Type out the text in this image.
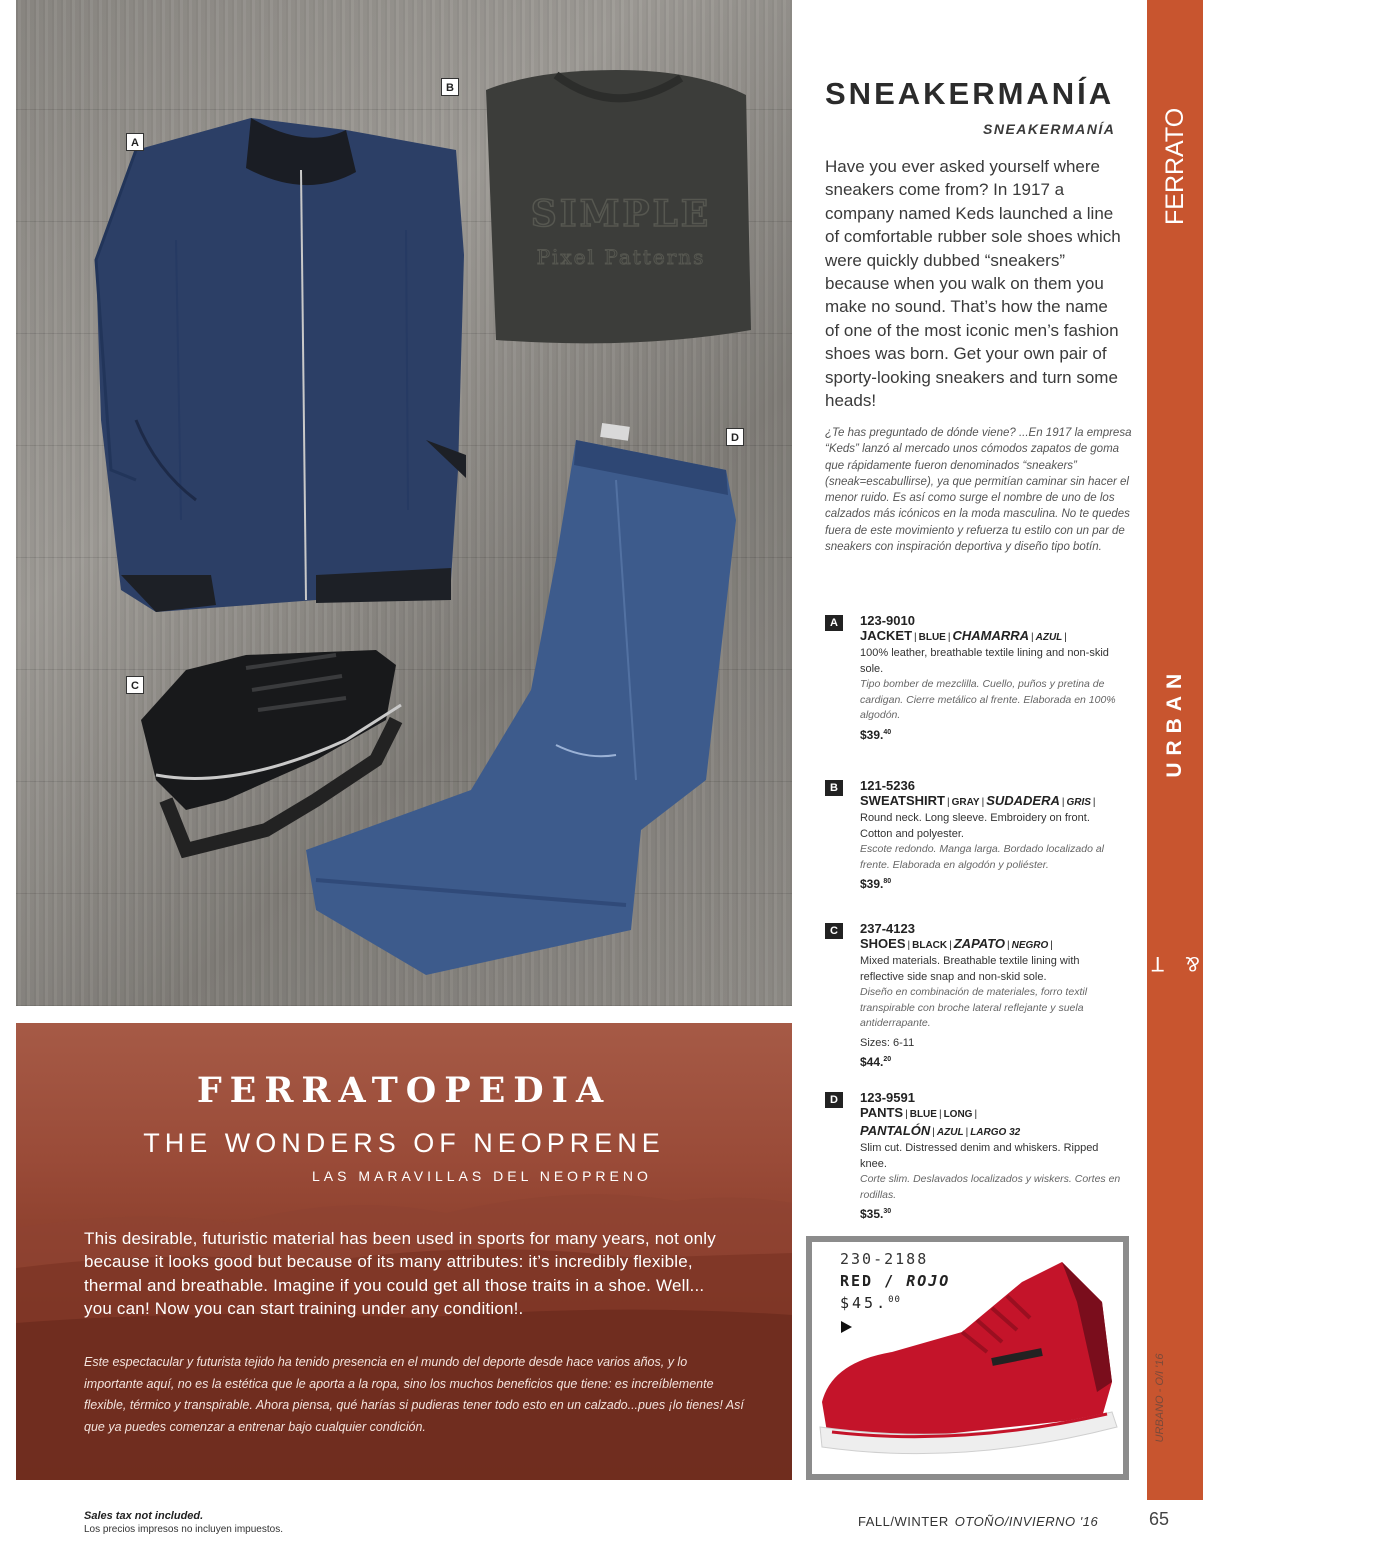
SIMPLE
Pixel Patterns
A
B
C
D
TIPS & TRENDS
URBAN
URBANO - O/I '16
SNEAKERMANÍA
SNEAKERMANÍA
Have you ever asked yourself where sneakers come from? In 1917 a company named Keds launched a line of comfortable rubber sole shoes which were quickly dubbed “sneakers” because when you walk on them you make no sound. That’s how the name of one of the most iconic men’s fashion shoes was born. Get your own pair of sporty-looking sneakers and turn some heads!
¿Te has preguntado de dónde viene? ...En 1917 la empresa “Keds” lanzó al mercado unos cómodos zapatos de goma que rápidamente fueron denominados “sneakers” (sneak=escabullirse), ya que permitían caminar sin hacer el menor ruido. Es así como surge el nombre de uno de los calzados más icónicos en la moda masculina. No te quedes fuera de este movimiento y refuerza tu estilo con un par de sneakers con inspiración deportiva y diseño tipo botín.
A	123-9010
JACKET | BLUE | CHAMARRA | AZUL |
100% leather, breathable textile lining and non-skid sole.
Tipo bomber de mezclilla. Cuello, puños y pretina de cardigan. Cierre metálico al frente. Elaborada en 100% algodón.
$39.40
B	121-5236
SWEATSHIRT | GRAY | SUDADERA | GRIS |
Round neck. Long sleeve. Embroidery on front. Cotton and polyester.
Escote redondo. Manga larga. Bordado localizado al frente. Elaborada en algodón y poliéster.
$39.80
C	237-4123
SHOES | BLACK | ZAPATO | NEGRO |
Mixed materials. Breathable textile lining with reflective side snap and non-skid sole.
Diseño en combinación de materiales, forro textil transpirable con broche lateral reflejante y suela antiderrapante.
Sizes: 6-11
$44.20
D	123-9591
PANTS | BLUE | LONG |
PANTALÓN | AZUL | LARGO 32
Slim cut. Distressed denim and whiskers. Ripped knee.
Corte slim. Deslavados localizados y wiskers. Cortes en rodillas.
$35.30
230-2188
RED / ROJO
$45.00
FERRATOPEDIA
THE WONDERS OF NEOPRENE
LAS MARAVILLAS DEL NEOPRENO
This desirable, futuristic material has been used in sports for many years, not only because it looks good but because of its many attributes: it’s incredibly flexible, thermal and breathable. Imagine if you could get all those traits in a shoe. Well... you can! Now you can start training under any condition!.
Este espectacular y futurista tejido ha tenido presencia en el mundo del deporte desde hace varios años, y lo importante aquí, no es la estética que le aporta a la ropa, sino los muchos beneficios que tiene: es increíblemente flexible, térmico y transpirable. Ahora piensa, qué harías si pudieras tener todo esto en un calzado...pues ¡lo tienes! Así que ya puedes comenzar a entrenar bajo cualquier condición.
Sales tax not included.
Los precios impresos no incluyen impuestos.
FALL/WINTER OTOÑO/INVIERNO '16	65
